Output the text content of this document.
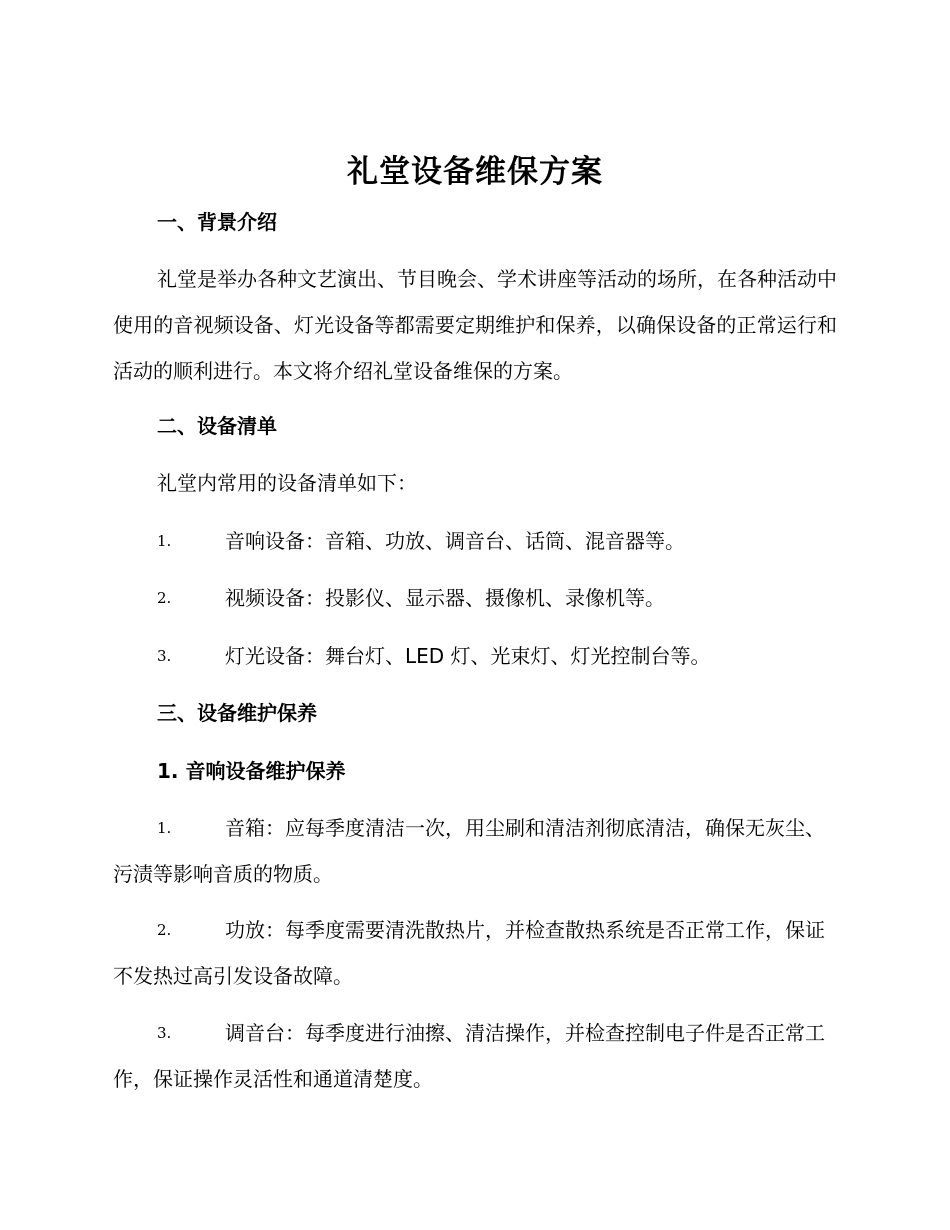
礼堂设备维保方案
一、背景介绍

礼堂是举办各种文艺演出、节目晚会、学术讲座等活动的场所，在各种活动中使用的音视频设备、灯光设备等都需要定期维护和保养，以确保设备的正常运行和活动的顺利进行。本文将介绍礼堂设备维保的方案。

二、设备清单
礼堂内常用的设备清单如下：
1.	音响设备：音箱、功放、调音台、话筒、混音器等。
2.	视频设备：投影仪、显示器、摄像机、录像机等。
3.	灯光设备：舞台灯、LED 灯、光束灯、灯光控制台等。
三、设备维护保养
1. 音响设备维护保养
1.	音箱：应每季度清洁一次，用尘刷和清洁剂彻底清洁，确保无灰尘、污渍等影响音质的物质。
2.	功放：每季度需要清洗散热片，并检查散热系统是否正常工作，保证不发热过高引发设备故障。
3.	调音台：每季度进行油擦、清洁操作，并检查控制电子件是否正常工作，保证操作灵活性和通道清楚度。
